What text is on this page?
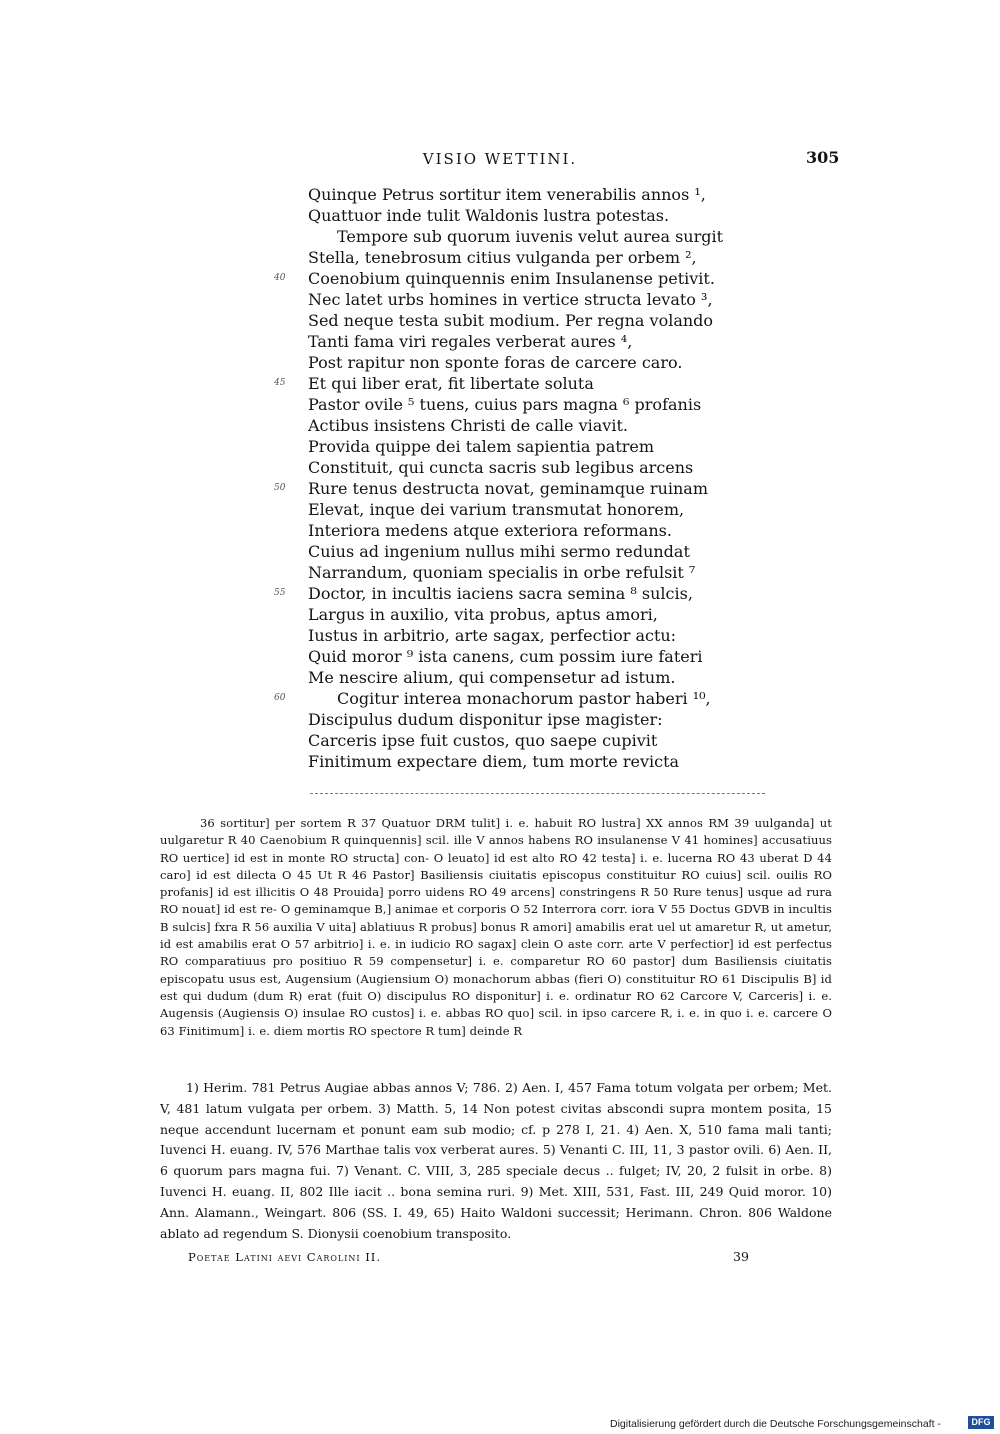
VISIO WETTINI.	305
Quinque Petrus sortitur item venerabilis annos ¹,
Quattuor inde tulit Waldonis lustra potestas.
Tempore sub quorum iuvenis velut aurea surgit
Stella, tenebrosum citius vulganda per orbem ²,
40 Coenobium quinquennis enim Insulanense petivit.
Nec latet urbs homines in vertice structa levato ³,
Sed neque testa subit modium. Per regna volando
Tanti fama viri regales verberat aures ⁴,
Post rapitur non sponte foras de carcere caro.
45 Et qui liber erat, fit libertate soluta
Pastor ovile ⁵ tuens, cuius pars magna ⁶ profanis
Actibus insistens Christi de calle viavit.
Provida quippe dei talem sapientia patrem
Constituit, qui cuncta sacris sub legibus arcens
50 Rure tenus destructa novat, geminamque ruinam
Elevat, inque dei varium transmutat honorem,
Interiora medens atque exteriora reformans.
Cuius ad ingenium nullus mihi sermo redundat
Narrandum, quoniam specialis in orbe refulsit ⁷
55 Doctor, in incultis iaciens sacra semina ⁸ sulcis,
Largus in auxilio, vita probus, aptus amori,
Iustus in arbitrio, arte sagax, perfectior actu:
Quid moror ⁹ ista canens, cum possim iure fateri
Me nescire alium, qui compensetur ad istum.
60	Cogitur interea monachorum pastor haberi ¹⁰,
Discipulus dudum disponitur ipse magister:
Carceris ipse fuit custos, quo saepe cupivit
Finitimum expectare diem, tum morte revicta

36 sortitur] per sortem R 37 Quatuor DRM tulit] i. e. habuit RO lustra] XX annos RM 39 uulganda] ut uulgaretur R 40 Caenobium R quinquennis] scil. ille V annos habens RO insulanense V 41 homines] accusatiuus RO uertice] id est in monte RO structa] con- O leuato] id est alto RO 42 testa] i. e. lucerna RO 43 uberat D 44 caro] id est dilecta O 45 Ut R 46 Pastor] Basiliensis ciuitatis episcopus constituitur RO cuius] scil. ouilis RO profanis] id est illicitis O 48 Prouida] porro uidens RO 49 arcens] constringens R 50 Rure tenus] usque ad rura RO nouat] id est re- O geminamque B,] animae et corporis O 52 Interrora corr. iora V 55 Doctus GDVB in incultis B sulcis] fxra R 56 auxilia V uita] ablatiuus R probus] bonus R amori] amabilis erat uel ut amaretur R, ut ametur, id est amabilis erat O 57 arbitrio] i. e. in iudicio RO sagax] clein O aste corr. arte V perfectior] id est perfectus RO comparatiuus pro positiuo R 59 compensetur] i. e. comparetur RO 60 pastor] dum Basiliensis ciuitatis episcopatu usus est, Augensium (Augiensium O) monachorum abbas (fieri O) constituitur RO 61 Discipulis B] id est qui dudum (dum R) erat (fuit O) discipulus RO disponitur] i. e. ordinatur RO 62 Carcore V, Carceris] i. e. Augensis (Augiensis O) insulae RO custos] i. e. abbas RO quo] scil. in ipso carcere R, i. e. in quo i. e. carcere O 63 Finitimum] i. e. diem mortis RO spectore R tum] deinde R

1) Herim. 781 Petrus Augiae abbas annos V; 786. 2) Aen. I, 457 Fama totum volgata per orbem; Met. V, 481 latum vulgata per orbem. 3) Matth. 5, 14 Non potest civitas abscondi supra montem posita, 15 neque accendunt lucernam et ponunt eam sub modio; cf. p 278 I, 21. 4) Aen. X, 510 fama mali tanti; Iuvenci H. euang. IV, 576 Marthae talis vox verberat aures. 5) Venanti C. III, 11, 3 pastor ovili. 6) Aen. II, 6 quorum pars magna fui. 7) Venant. C. VIII, 3, 285 speciale decus .. fulget; IV, 20, 2 fulsit in orbe. 8) Iuvenci H. euang. II, 802 Ille iacit .. bona semina ruri. 9) Met. XIII, 531, Fast. III, 249 Quid moror. 10) Ann. Alamann., Weingart. 806 (SS. I. 49, 65) Haito Waldoni successit; Herimann. Chron. 806 Waldone ablato ad regendum S. Dionysii coenobium transposito.

Poetae Latini aevi Carolini II.	39
Digitalisierung gefördert durch die Deutsche Forschungsgemeinschaft -	DFG
